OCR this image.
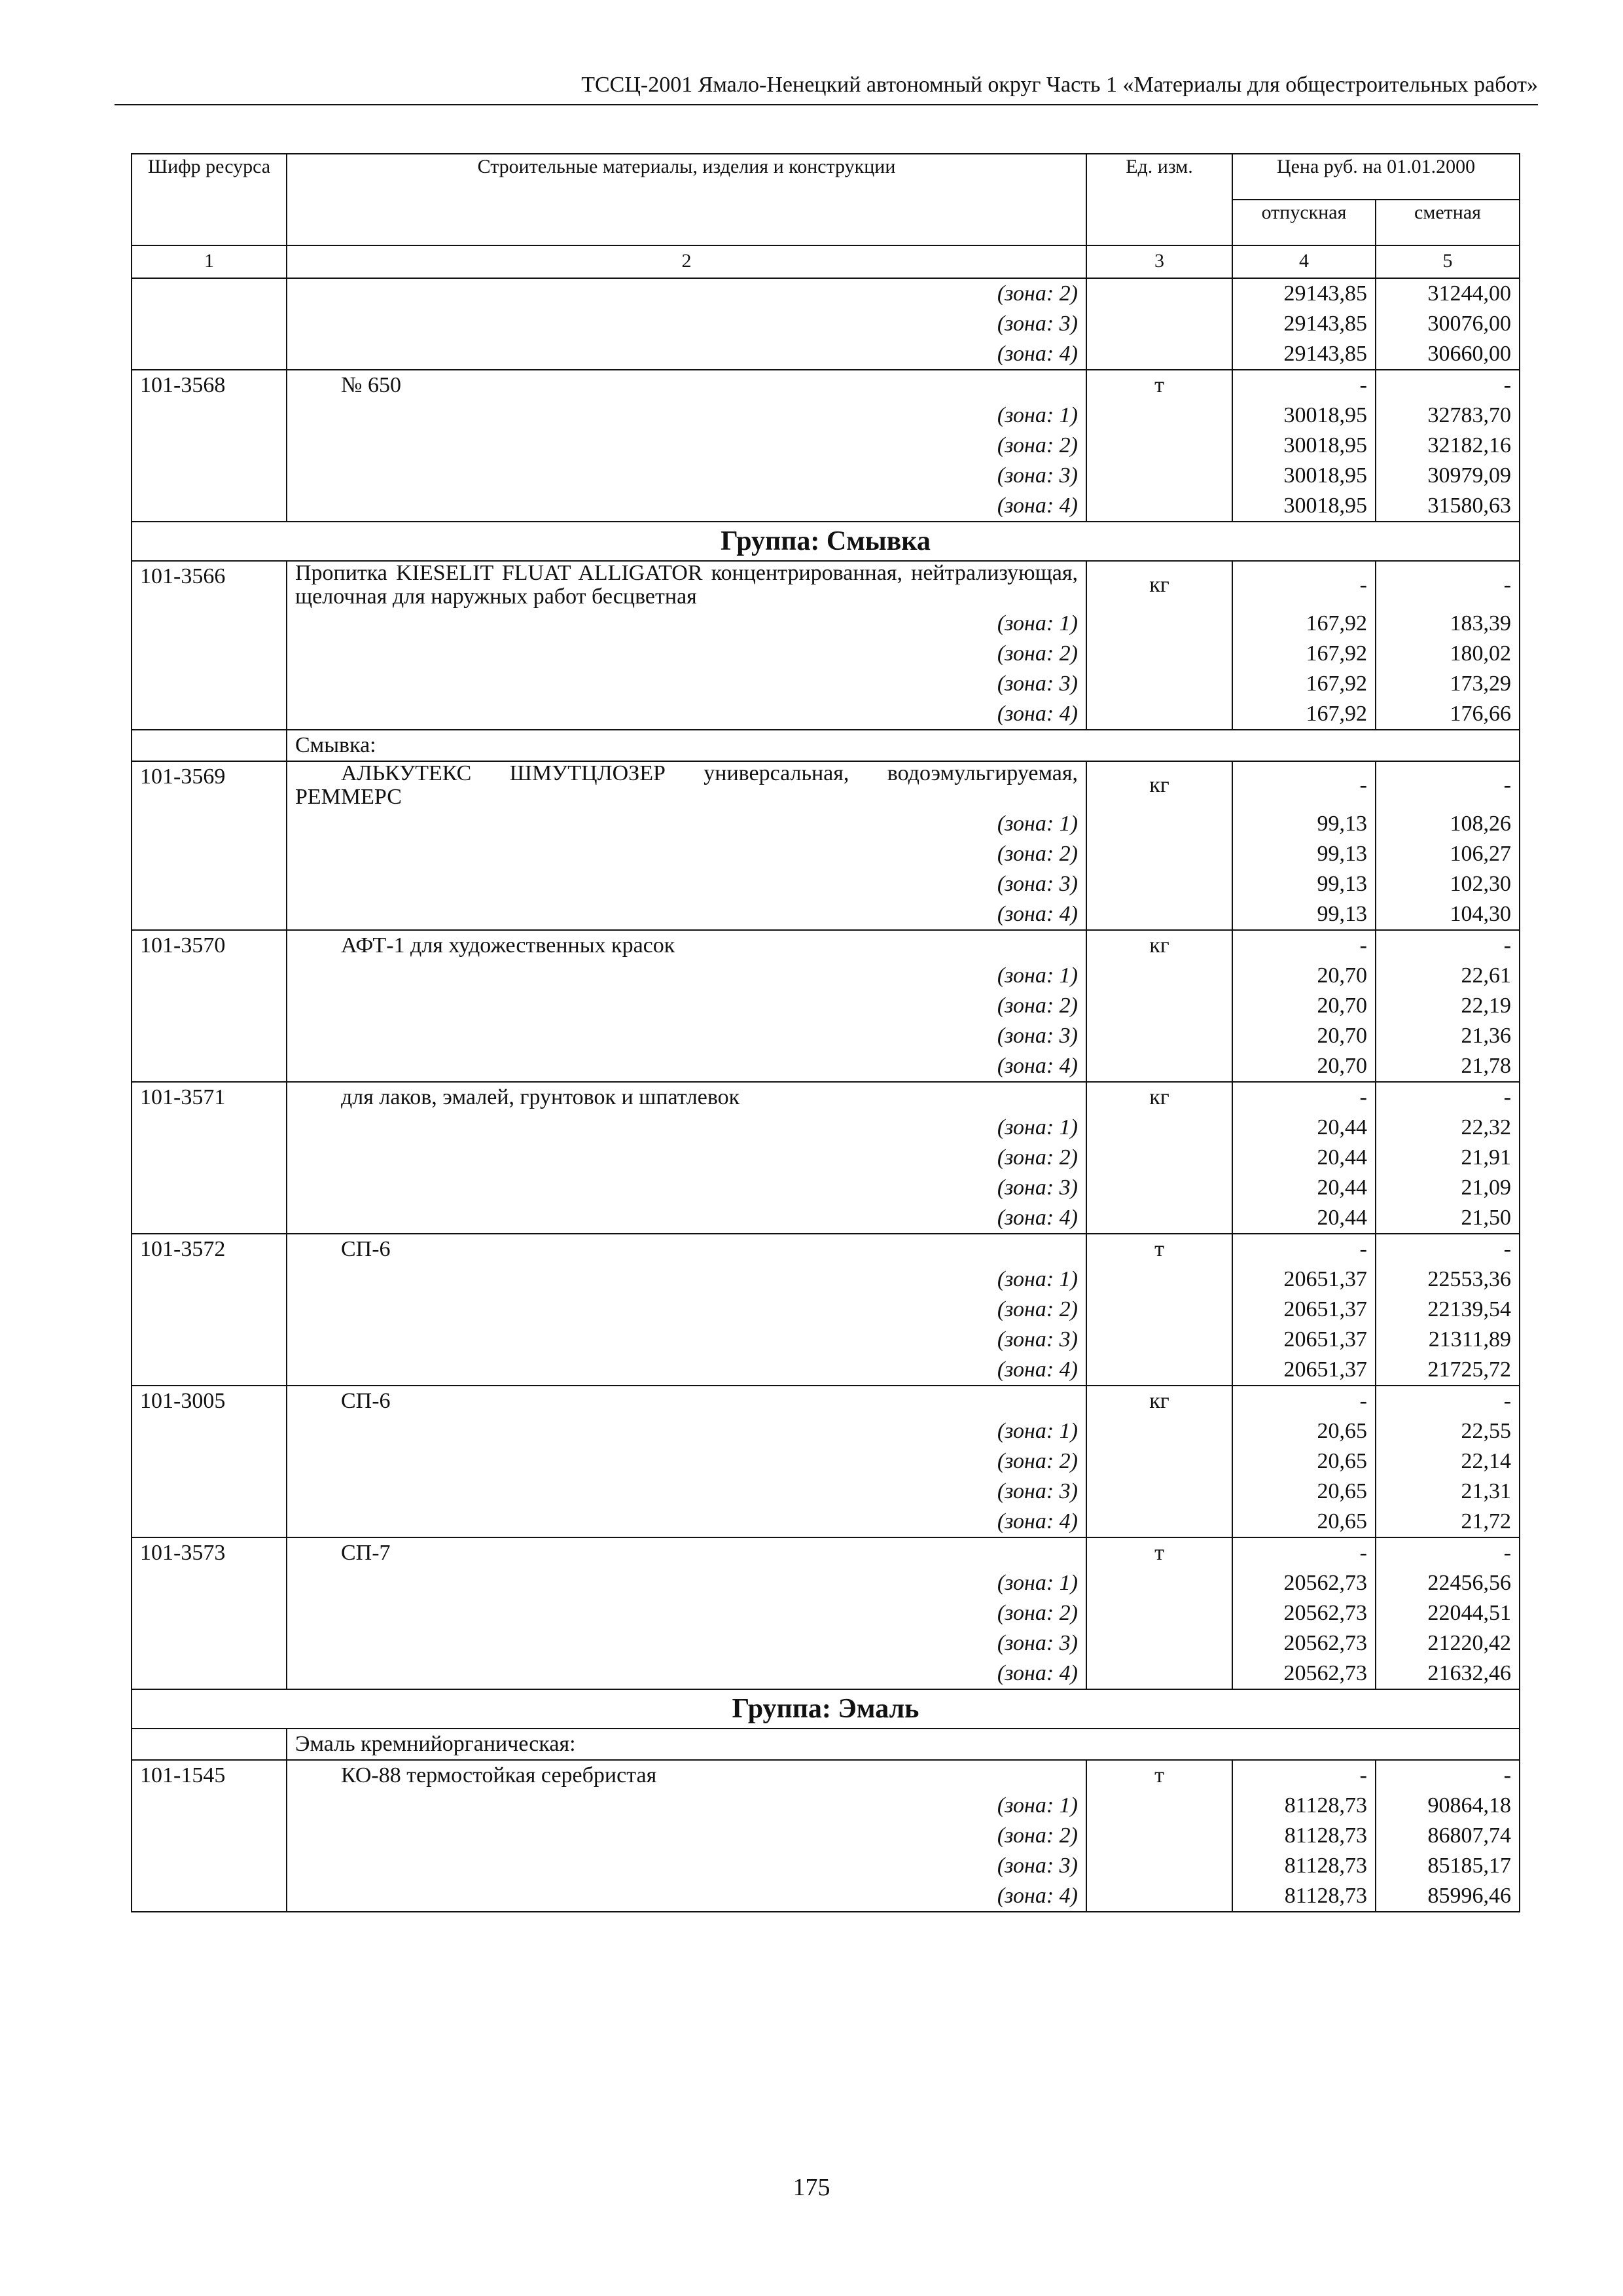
ТССЦ-2001 Ямало-Ненецкий автономный округ Часть 1 «Материалы для общестроительных работ»
Шифр ресурса	Строительные материалы, изделия и конструкции	Ед. изм.	Цена руб. на 01.01.2000	
			отпускная	сметная
1	2	3	4	5
	(зона: 2)		29143,85	31244,00
	(зона: 3)		29143,85	30076,00
	(зона: 4)		29143,85	30660,00
101-3568	№ 650	т	-	-
	(зона: 1)		30018,95	32783,70
	(зона: 2)		30018,95	32182,16
	(зона: 3)		30018,95	30979,09
	(зона: 4)		30018,95	31580,63
Группа: Смывка				
101-3566	Пропитка KIESELIT FLUAT ALLIGATOR концентрированная, нейтрализующая, щелочная для наружных работ бесцветная	кг	-	-
	(зона: 1)		167,92	183,39
	(зона: 2)		167,92	180,02
	(зона: 3)		167,92	173,29
	(зона: 4)		167,92	176,66
	Смывка:			
101-3569	АЛЬКУТЕКС ШМУТЦЛОЗЕР универсальная, водоэмульгируемая, РЕММЕРС	кг	-	-
	(зона: 1)		99,13	108,26
	(зона: 2)		99,13	106,27
	(зона: 3)		99,13	102,30
	(зона: 4)		99,13	104,30
101-3570	АФТ-1 для художественных красок	кг	-	-
	(зона: 1)		20,70	22,61
	(зона: 2)		20,70	22,19
	(зона: 3)		20,70	21,36
	(зона: 4)		20,70	21,78
101-3571	для лаков, эмалей, грунтовок и шпатлевок	кг	-	-
	(зона: 1)		20,44	22,32
	(зона: 2)		20,44	21,91
	(зона: 3)		20,44	21,09
	(зона: 4)		20,44	21,50
101-3572	СП-6	т	-	-
	(зона: 1)		20651,37	22553,36
	(зона: 2)		20651,37	22139,54
	(зона: 3)		20651,37	21311,89
	(зона: 4)		20651,37	21725,72
101-3005	СП-6	кг	-	-
	(зона: 1)		20,65	22,55
	(зона: 2)		20,65	22,14
	(зона: 3)		20,65	21,31
	(зона: 4)		20,65	21,72
101-3573	СП-7	т	-	-
	(зона: 1)		20562,73	22456,56
	(зона: 2)		20562,73	22044,51
	(зона: 3)		20562,73	21220,42
	(зона: 4)		20562,73	21632,46
Группа: Эмаль				
	Эмаль кремнийорганическая:			
101-1545	КО-88 термостойкая серебристая	т	-	-
	(зона: 1)		81128,73	90864,18
	(зона: 2)		81128,73	86807,74
	(зона: 3)		81128,73	85185,17
	(зона: 4)		81128,73	85996,46
175
